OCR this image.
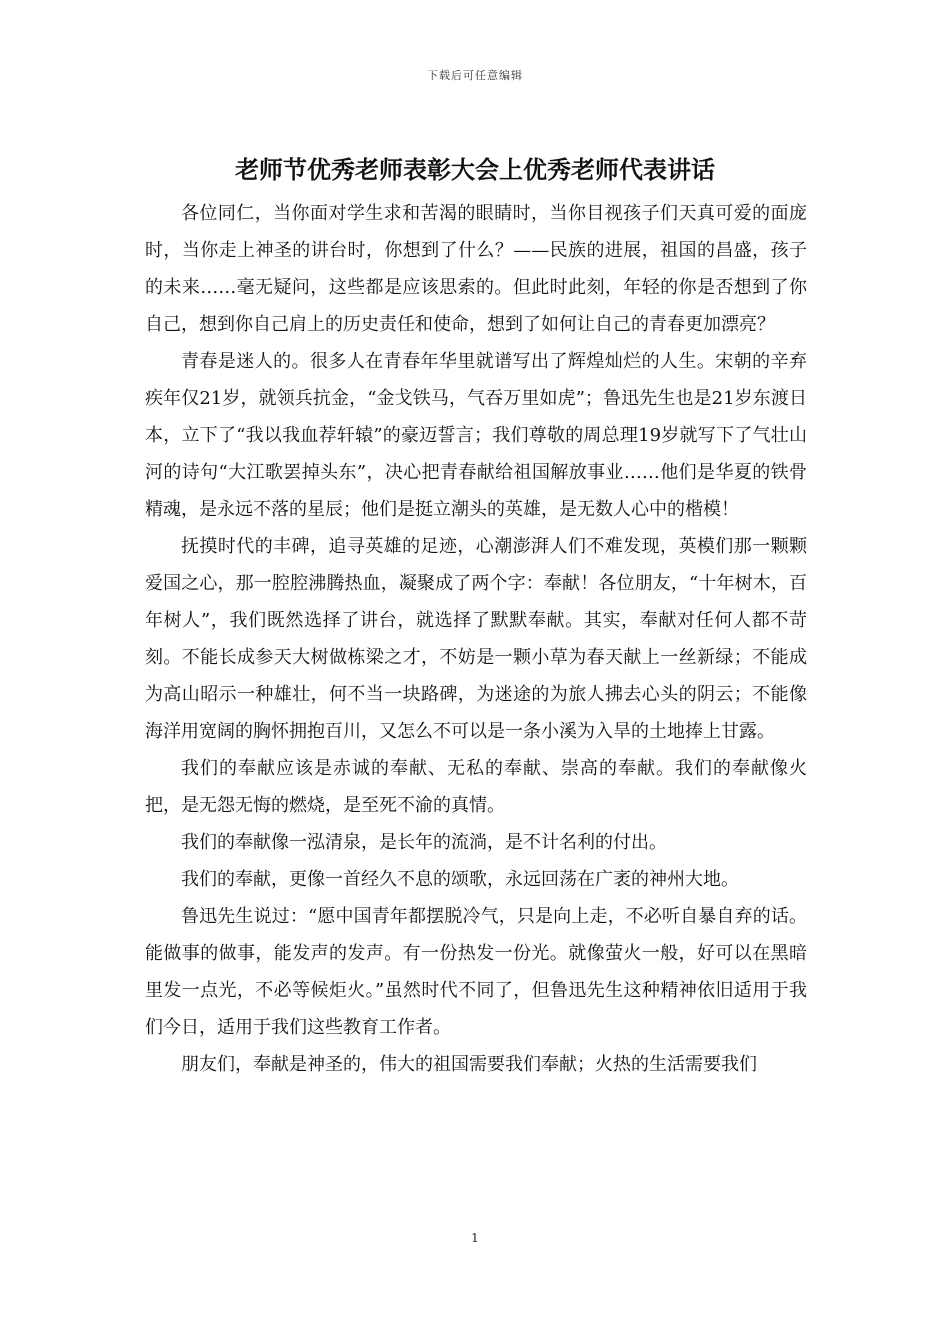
下载后可任意编辑
老师节优秀老师表彰大会上优秀老师代表讲话

各位同仁，当你面对学生求和苦渴的眼睛时，当你目视孩子们天真可爱的面庞时，当你走上神圣的讲台时，你想到了什么？——民族的进展，祖国的昌盛，孩子的未来……毫无疑问，这些都是应该思索的。但此时此刻，年轻的你是否想到了你自己，想到你自己肩上的历史责任和使命，想到了如何让自己的青春更加漂亮？

青春是迷人的。很多人在青春年华里就谱写出了辉煌灿烂的人生。宋朝的辛弃疾年仅21岁，就领兵抗金，“金戈铁马，气吞万里如虎”；鲁迅先生也是21岁东渡日本，立下了“我以我血荐轩辕”的豪迈誓言；我们尊敬的周总理19岁就写下了气壮山河的诗句“大江歌罢掉头东”，决心把青春献给祖国解放事业……他们是华夏的铁骨精魂，是永远不落的星辰；他们是挺立潮头的英雄，是无数人心中的楷模！

抚摸时代的丰碑，追寻英雄的足迹，心潮澎湃人们不难发现，英模们那一颗颗爱国之心，那一腔腔沸腾热血，凝聚成了两个字：奉献！各位朋友，“十年树木，百年树人”，我们既然选择了讲台，就选择了默默奉献。其实，奉献对任何人都不苛刻。不能长成参天大树做栋梁之才，不妨是一颗小草为春天献上一丝新绿；不能成为高山昭示一种雄壮，何不当一块路碑，为迷途的为旅人拂去心头的阴云；不能像海洋用宽阔的胸怀拥抱百川，又怎么不可以是一条小溪为入旱的土地捧上甘露。

我们的奉献应该是赤诚的奉献、无私的奉献、崇高的奉献。我们的奉献像火把，是无怨无悔的燃烧，是至死不渝的真情。

我们的奉献像一泓清泉，是长年的流淌，是不计名利的付出。

我们的奉献，更像一首经久不息的颂歌，永远回荡在广袤的神州大地。

鲁迅先生说过：“愿中国青年都摆脱冷气，只是向上走，不必听自暴自弃的话。能做事的做事，能发声的发声。有一份热发一份光。就像萤火一般，好可以在黑暗里发一点光，不必等候炬火。”虽然时代不同了，但鲁迅先生这种精神依旧适用于我们今日，适用于我们这些教育工作者。

朋友们，奉献是神圣的，伟大的祖国需要我们奉献；火热的生活需要我们

1
